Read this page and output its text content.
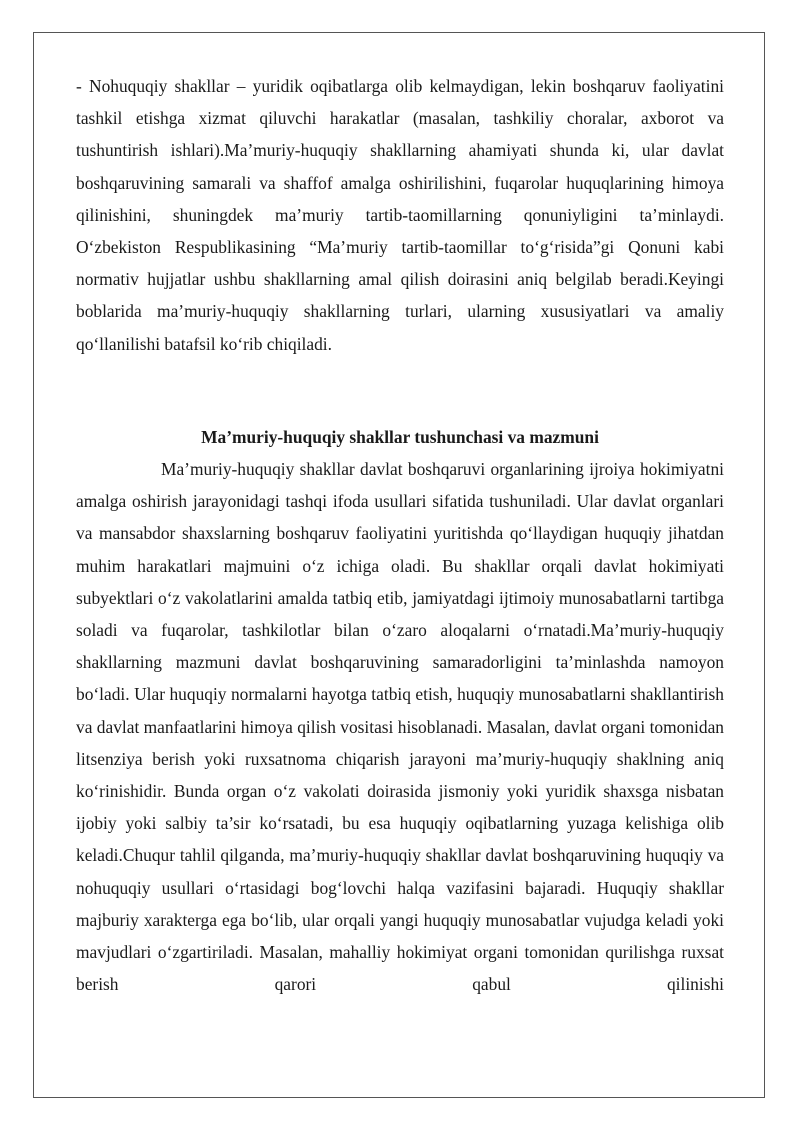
- Nohuquqiy shakllar – yuridik oqibatlarga olib kelmaydigan, lekin boshqaruv faoliyatini tashkil etishga xizmat qiluvchi harakatlar (masalan, tashkiliy choralar, axborot va tushuntirish ishlari).Ma’muriy-huquqiy shakllarning ahamiyati shunda ki, ular davlat boshqaruvining samarali va shaffof amalga oshirilishini, fuqarolar huquqlarining himoya qilinishini, shuningdek ma’muriy tartib-taomillarning qonuniyligini ta’minlaydi. O‘zbekiston Respublikasining “Ma’muriy tartib-taomillar to‘g‘risida”gi Qonuni kabi normativ hujjatlar ushbu shakllarning amal qilish doirasini aniq belgilab beradi.Keyingi boblarida ma’muriy-huquqiy shakllarning turlari, ularning xususiyatlari va amaliy qo‘llanilishi batafsil ko‘rib chiqiladi.

Ma’muriy-huquqiy shakllar tushunchasi va mazmuni

Ma’muriy-huquqiy shakllar davlat boshqaruvi organlarining ijroiya hokimiyatni amalga oshirish jarayonidagi tashqi ifoda usullari sifatida tushuniladi. Ular davlat organlari va mansabdor shaxslarning boshqaruv faoliyatini yuritishda qo‘llaydigan huquqiy jihatdan muhim harakatlari majmuini o‘z ichiga oladi. Bu shakllar orqali davlat hokimiyati subyektlari o‘z vakolatlarini amalda tatbiq etib, jamiyatdagi ijtimoiy munosabatlarni tartibga soladi va fuqarolar, tashkilotlar bilan o‘zaro aloqalarni o‘rnatadi.Ma’muriy-huquqiy shakllarning mazmuni davlat boshqaruvining samaradorligini ta’minlashda namoyon bo‘ladi. Ular huquqiy normalarni hayotga tatbiq etish, huquqiy munosabatlarni shakllantirish va davlat manfaatlarini himoya qilish vositasi hisoblanadi. Masalan, davlat organi tomonidan litsenziya berish yoki ruxsatnoma chiqarish jarayoni ma’muriy-huquqiy shaklning aniq ko‘rinishidir. Bunda organ o‘z vakolati doirasida jismoniy yoki yuridik shaxsga nisbatan ijobiy yoki salbiy ta’sir ko‘rsatadi, bu esa huquqiy oqibatlarning yuzaga kelishiga olib keladi.Chuqur tahlil qilganda, ma’muriy-huquqiy shakllar davlat boshqaruvining huquqiy va nohuquqiy usullari o‘rtasidagi bog‘lovchi halqa vazifasini bajaradi. Huquqiy shakllar majburiy xarakterga ega bo‘lib, ular orqali yangi huquqiy munosabatlar vujudga keladi yoki mavjudlari o‘zgartiriladi. Masalan, mahalliy hokimiyat organi tomonidan qurilishga ruxsat berish qarori qabul qilinishi
